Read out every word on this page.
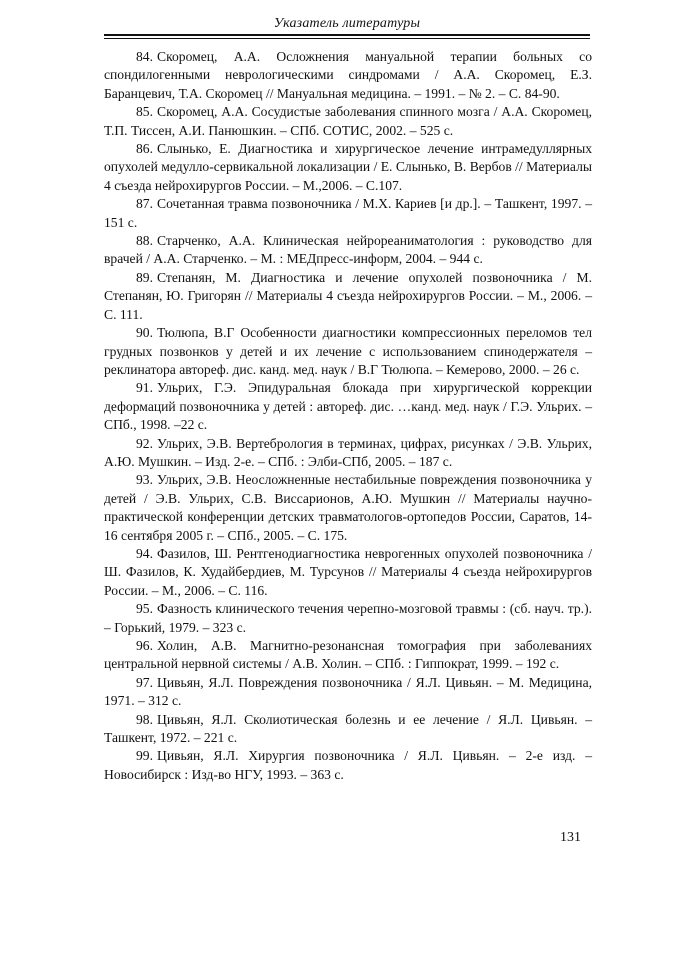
Указатель литературы

84. Скоромец, А.А. Осложнения мануальной терапии больных со спондилогенными неврологическими синдромами / А.А. Скоромец, Е.З. Баранцевич, Т.А. Скоромец // Мануальная медицина. – 1991. – № 2. – С. 84-90.

85. Скоромец, А.А. Сосудистые заболевания спинного мозга / А.А. Скоромец, Т.П. Тиссен, А.И. Панюшкин. – СПб. СОТИС, 2002. – 525 с.

86. Слынько, Е. Диагностика и хирургическое лечение интрамедуллярных опухолей медулло-сервикальной локализации / Е. Слынько, В. Вербов // Материалы 4 съезда нейрохирургов России. – М.,2006. – С.107.

87. Сочетанная травма позвоночника / М.Х. Кариев [и др.]. – Ташкент, 1997. – 151 с.

88. Старченко, А.А. Клиническая нейрореаниматология : руководство для врачей / А.А. Старченко. – М. : МЕДпресс-информ, 2004. – 944 с.

89. Степанян, М. Диагностика и лечение опухолей позвоночника / М. Степанян, Ю. Григорян // Материалы 4 съезда нейрохирургов России. – М., 2006. – С. 111.

90. Тюлюпа, В.Г Особенности диагностики компрессионных переломов тел грудных позвонков у детей и их лечение с использованием спинодержателя – реклинатора автореф. дис. канд. мед. наук / В.Г Тюлюпа. – Кемерово, 2000. – 26 с.

91. Ульрих, Г.Э. Эпидуральная блокада при хирургической коррекции деформаций позвоночника у детей : автореф. дис. …канд. мед. наук / Г.Э. Ульрих. – СПб., 1998. –22 с.

92. Ульрих, Э.В. Вертебрология в терминах, цифрах, рисунках / Э.В. Ульрих, А.Ю. Мушкин. – Изд. 2-е. – СПб. : Элби-СПб, 2005. – 187 с.

93. Ульрих, Э.В. Неосложненные нестабильные повреждения позвоночника у детей / Э.В. Ульрих, С.В. Виссарионов, А.Ю. Мушкин // Материалы научно-практической конференции детских травматологов-ортопедов России, Саратов, 14-16 сентября 2005 г. – СПб., 2005. – С. 175.

94. Фазилов, Ш. Рентгенодиагностика неврогенных опухолей позвоночника / Ш. Фазилов, К. Худайбердиев, М. Турсунов // Материалы 4 съезда нейрохирургов России. – М., 2006. – С. 116.

95. Фазность клинического течения черепно-мозговой травмы : (сб. науч. тр.). – Горький, 1979. – 323 с.

96. Холин, А.В. Магнитно-резонансная томография при заболеваниях центральной нервной системы / А.В. Холин. – СПб. : Гиппократ, 1999. – 192 с.

97. Цивьян, Я.Л. Повреждения позвоночника / Я.Л. Цивьян. – М. Медицина, 1971. – 312 с.

98. Цивьян, Я.Л. Сколиотическая болезнь и ее лечение / Я.Л. Цивьян. – Ташкент, 1972. – 221 с.

99. Цивьян, Я.Л. Хирургия позвоночника / Я.Л. Цивьян. – 2-е изд. – Новосибирск : Изд-во НГУ, 1993. – 363 с.

131
